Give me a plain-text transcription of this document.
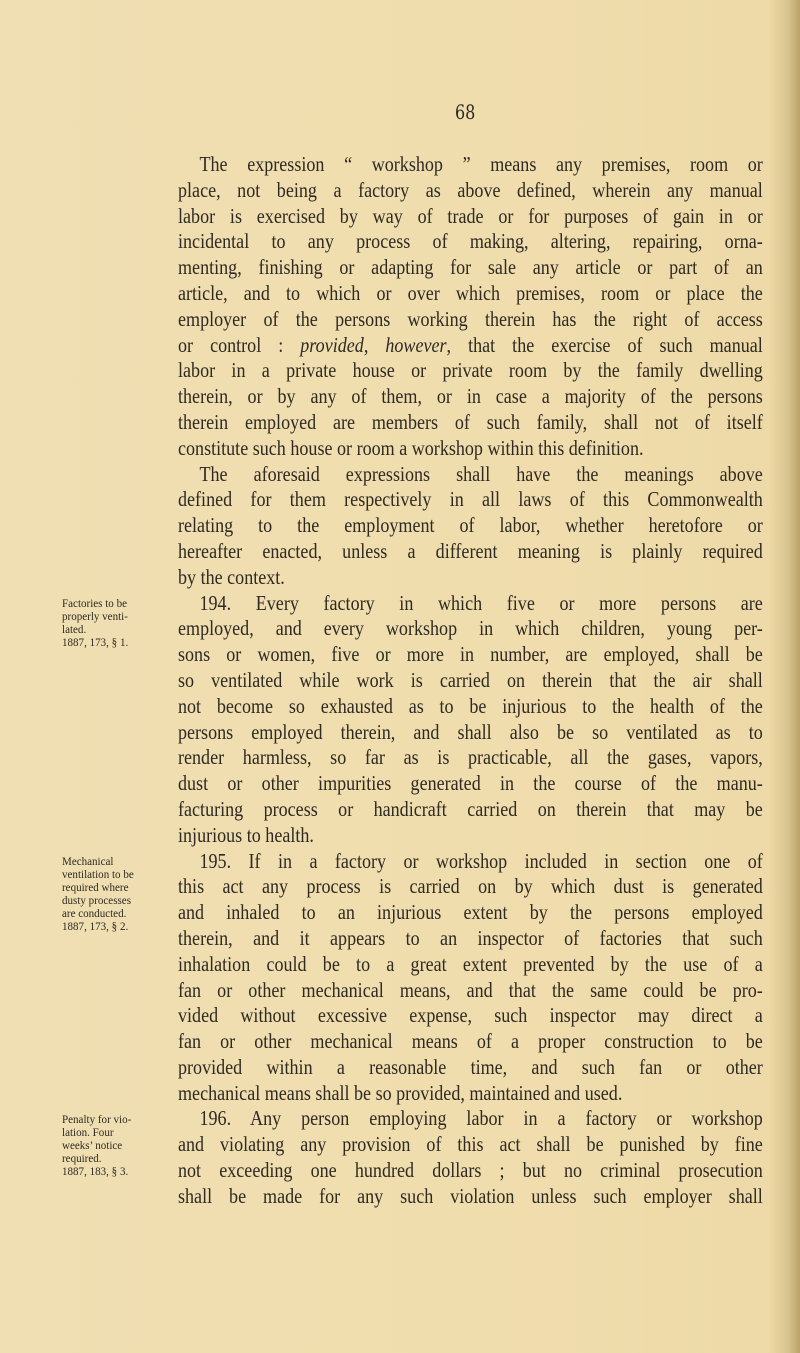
68
The expression “ workshop ” means any premises, room or
place, not being a factory as above defined, wherein any manual
labor is exercised by way of trade or for purposes of gain in or
incidental to any process of making, altering, repairing, orna-
menting, finishing or adapting for sale any article or part of an
article, and to which or over which premises, room or place the
employer of the persons working therein has the right of access
or control : provided, however, that the exercise of such manual
labor in a private house or private room by the family dwelling
therein, or by any of them, or in case a majority of the persons
therein employed are members of such family, shall not of itself
constitute such house or room a workshop within this definition.
The aforesaid expressions shall have the meanings above
defined for them respectively in all laws of this Commonwealth
relating to the employment of labor, whether heretofore or
hereafter enacted, unless a different meaning is plainly required
by the context.
194. Every factory in which five or more persons are
employed, and every workshop in which children, young per-
sons or women, five or more in number, are employed, shall be
so ventilated while work is carried on therein that the air shall
not become so exhausted as to be injurious to the health of the
persons employed therein, and shall also be so ventilated as to
render harmless, so far as is practicable, all the gases, vapors,
dust or other impurities generated in the course of the manu-
facturing process or handicraft carried on therein that may be
injurious to health.
195. If in a factory or workshop included in section one of
this act any process is carried on by which dust is generated
and inhaled to an injurious extent by the persons employed
therein, and it appears to an inspector of factories that such
inhalation could be to a great extent prevented by the use of a
fan or other mechanical means, and that the same could be pro-
vided without excessive expense, such inspector may direct a
fan or other mechanical means of a proper construction to be
provided within a reasonable time, and such fan or other
mechanical means shall be so provided, maintained and used.
196. Any person employing labor in a factory or workshop
and violating any provision of this act shall be punished by fine
not exceeding one hundred dollars ; but no criminal prosecution
shall be made for any such violation unless such employer shall
Factories to be
properly venti-
lated.
1887, 173, § 1.
Mechanical
ventilation to be
required where
dusty processes
are conducted.
1887, 173, § 2.
Penalty for vio-
lation. Four
weeks’ notice
required.
1887, 183, § 3.
